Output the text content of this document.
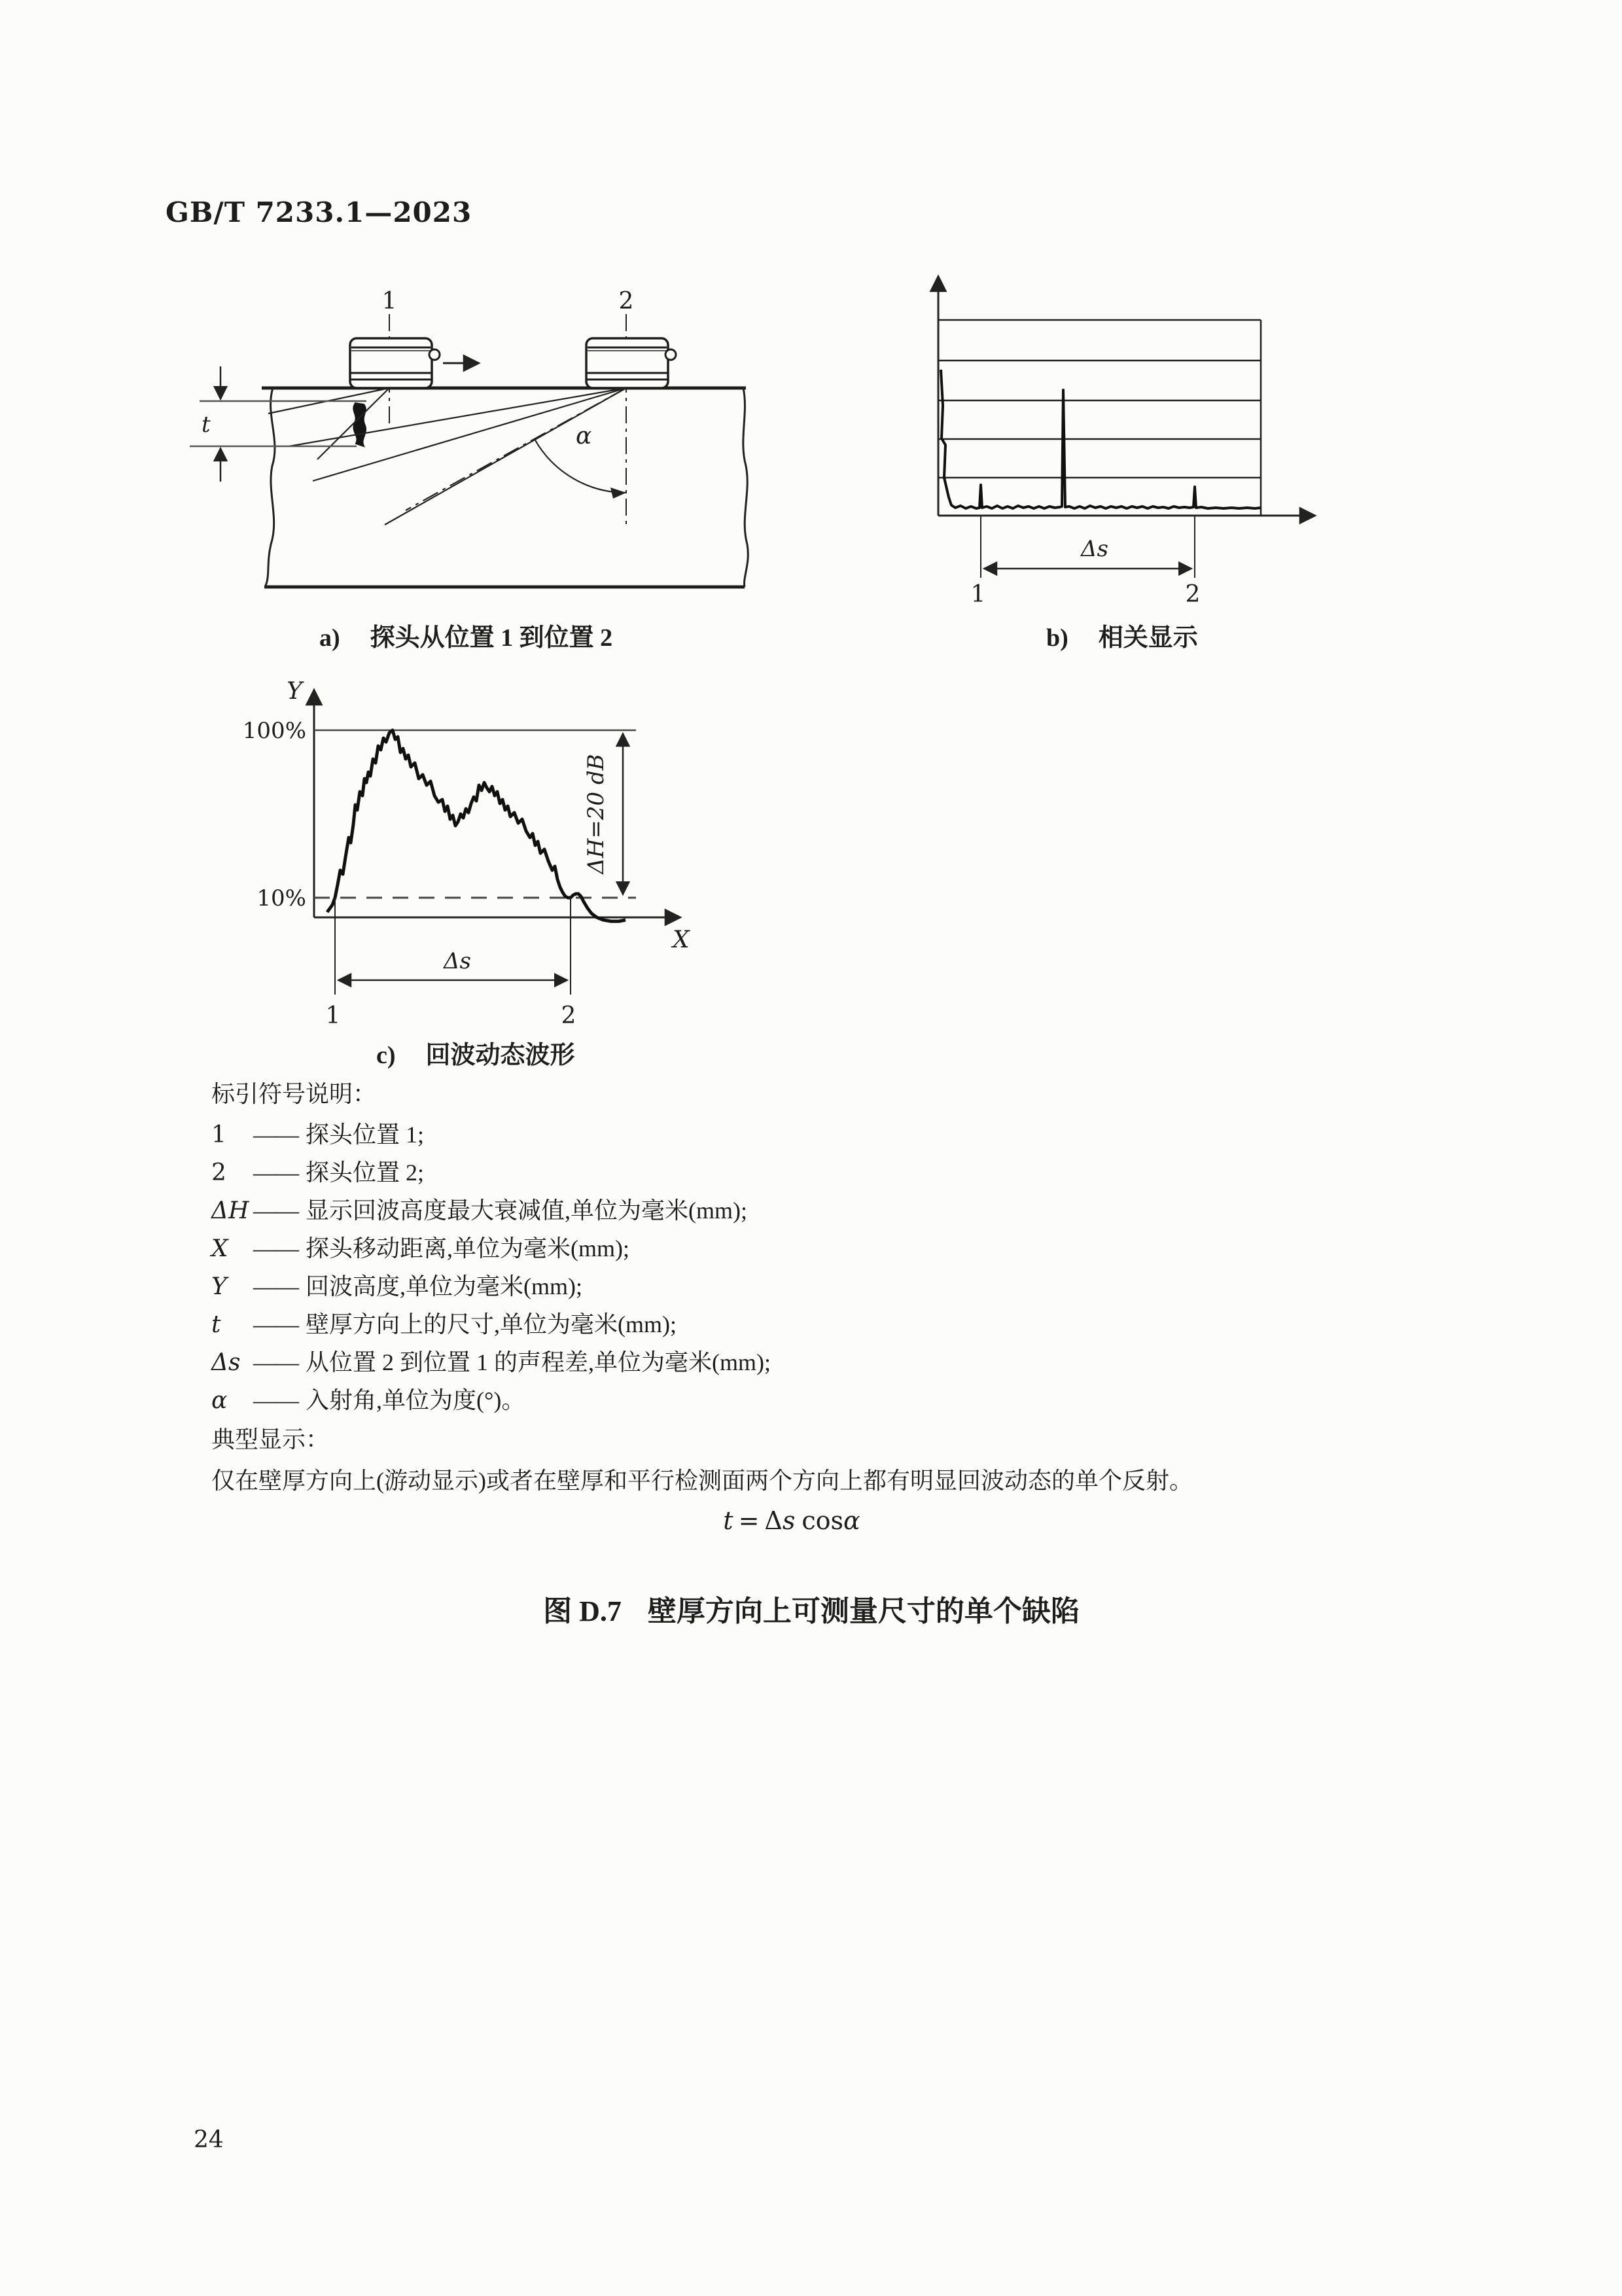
GB/T 7233.1—2023
1	2
α
t
Δs
1	2
Y
X
100%
10%
ΔH=20 dB
Δs
1	2
a) 探头从位置 1 到位置 2	b) 相关显示
c) 回波动态波形
标引符号说明：
1 —— 探头位置 1;
2 —— 探头位置 2;
ΔH —— 显示回波高度最大衰减值,单位为毫米(mm);
X —— 探头移动距离,单位为毫米(mm);
Y —— 回波高度,单位为毫米(mm);
t —— 壁厚方向上的尺寸,单位为毫米(mm);
Δs —— 从位置 2 到位置 1 的声程差,单位为毫米(mm);
α —— 入射角,单位为度(°)。
典型显示：
仅在壁厚方向上(游动显示)或者在壁厚和平行检测面两个方向上都有明显回波动态的单个反射。
t = Δs cosα
图 D.7 壁厚方向上可测量尺寸的单个缺陷
24
